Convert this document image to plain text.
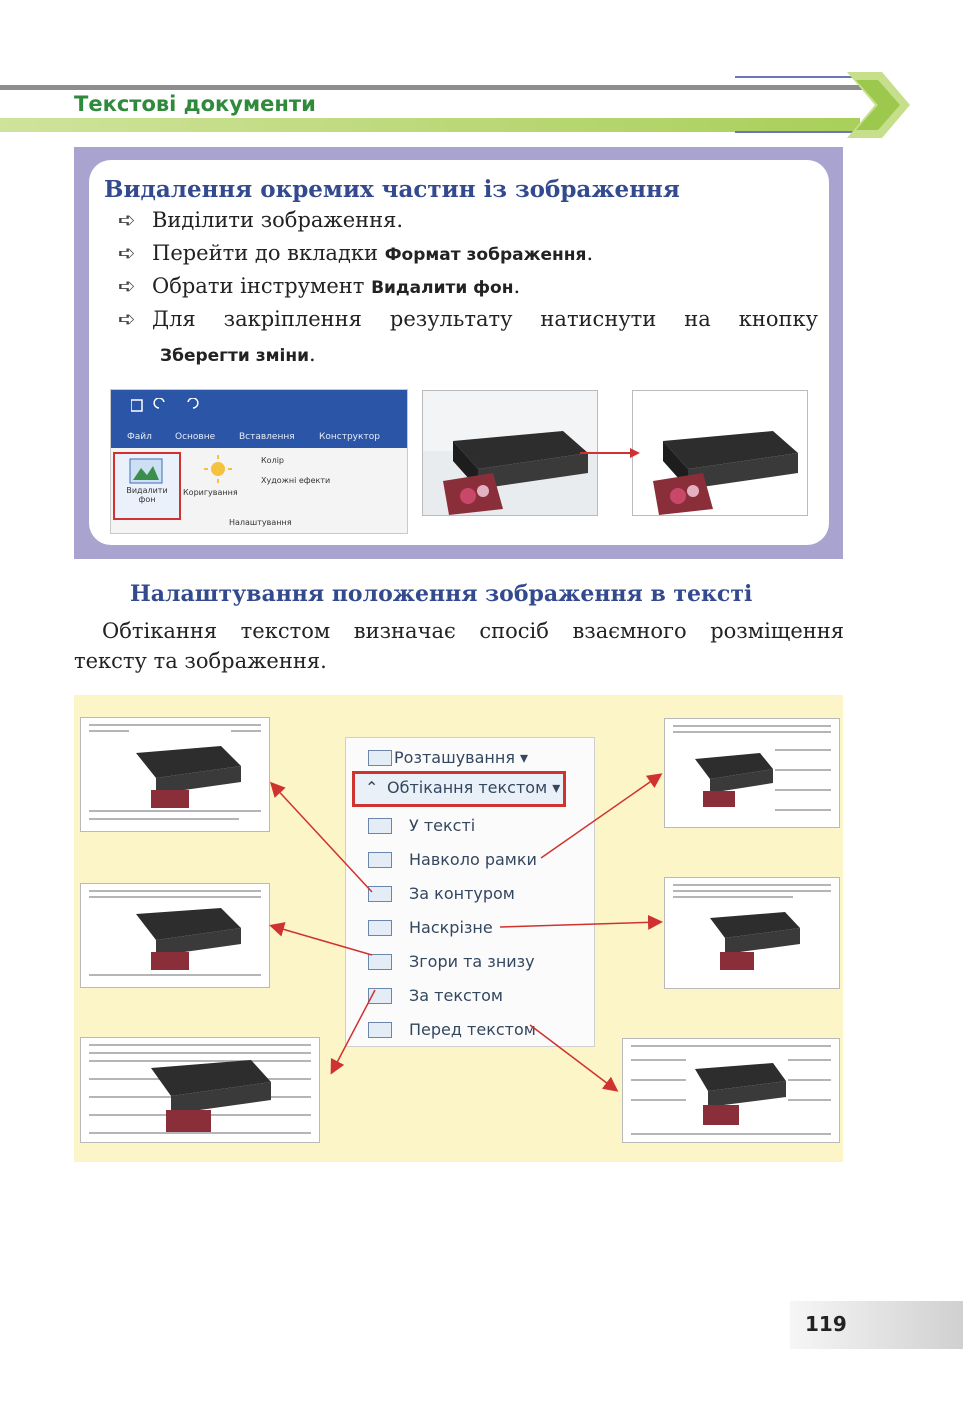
Текстові документи
Видалення окремих частин із зображення
➪ Виділити зображення.
➪ Перейти до вкладки Формат зображення.
➪ Обрати інструмент Видалити фон.
➪ Для закріплення результату натиснути на кнопку
Зберегти зміни.
Файл	Основне	Вставлення	Конструктор
Видалити фон
Коригування
Колір
Художні ефекти
Налаштування
Налаштування положення зображення в тексті
Обтікання текстом визначає спосіб взаємного розміщення
тексту та зображення.
Розташування ▾
⌃ Обтікання текстом ▾
У тексті
Навколо рамки
За контуром
Наскрізне
Згори та знизу
За текстом
Перед текстом
119
